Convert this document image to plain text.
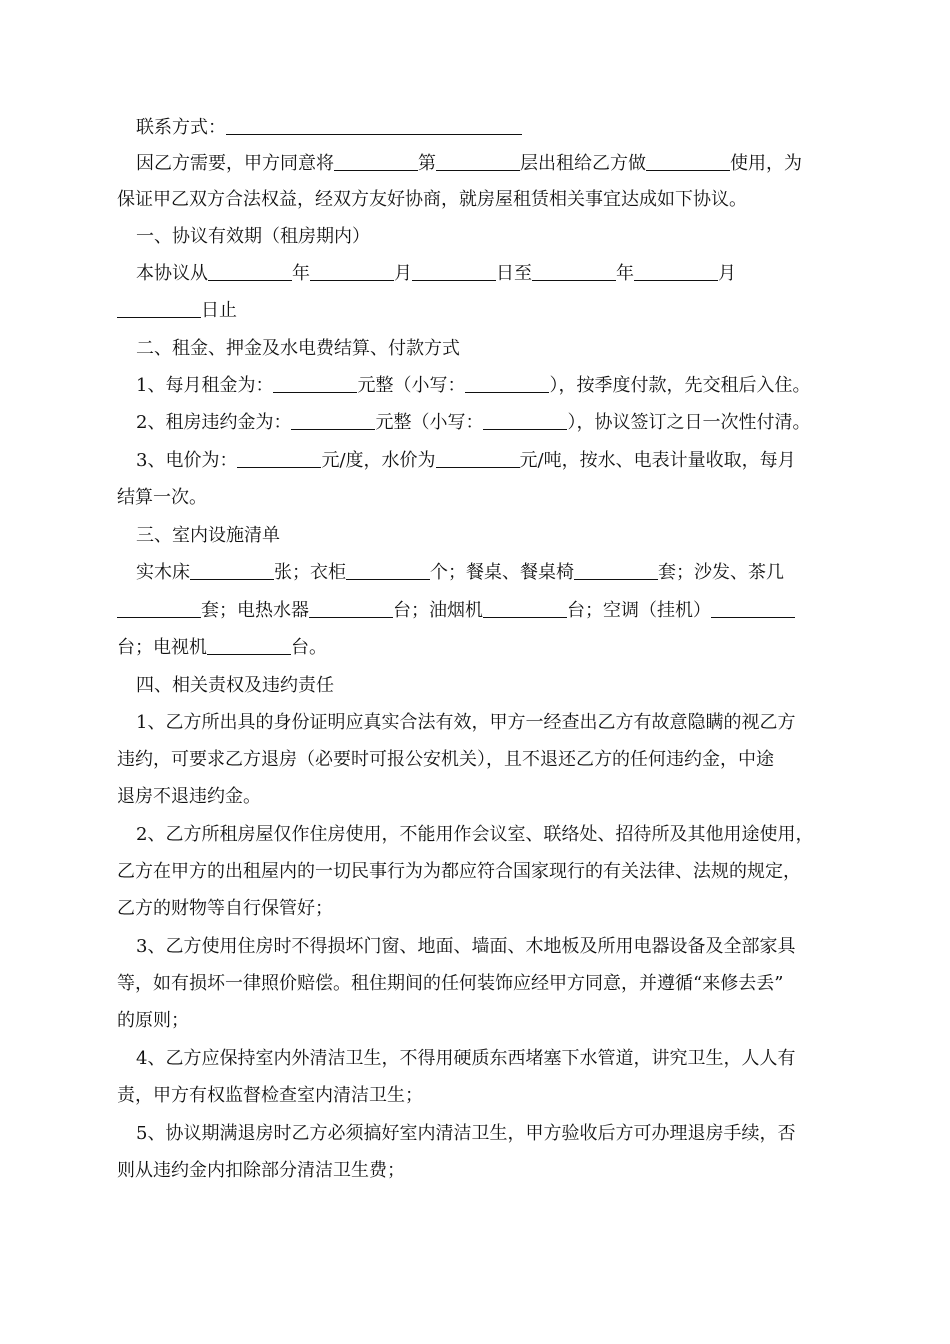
联系方式：
因乙方需要，甲方同意将	第	层出租给乙方做	使用，为
保证甲乙双方合法权益，经双方友好协商，就房屋租赁相关事宜达成如下协议。
一、协议有效期（租房期内）
本协议从	年	月	日至	年	月
日止
二、租金、押金及水电费结算、付款方式
1、每月租金为：	元整（小写：	），按季度付款，先交租后入住。
2、租房违约金为：	元整（小写：	），协议签订之日一次性付清。
3、电价为：	元/度，水价为	元/吨，按水、电表计量收取，每月
结算一次。
三、室内设施清单
实木床	张；衣柜	个；餐桌、餐桌椅	套；沙发、茶几
套；电热水器	台；油烟机	台；空调（挂机）
台；电视机	台。
四、相关责权及违约责任
1、乙方所出具的身份证明应真实合法有效，甲方一经查出乙方有故意隐瞒的视乙方
违约，可要求乙方退房（必要时可报公安机关），且不退还乙方的任何违约金，中途
退房不退违约金。
2、乙方所租房屋仅作住房使用，不能用作会议室、联络处、招待所及其他用途使用，
乙方在甲方的出租屋内的一切民事行为为都应符合国家现行的有关法律、法规的规定，
乙方的财物等自行保管好；
3、乙方使用住房时不得损坏门窗、地面、墙面、木地板及所用电器设备及全部家具
等，如有损坏一律照价赔偿。租住期间的任何装饰应经甲方同意，并遵循“来修去丢”
的原则；
4、乙方应保持室内外清洁卫生，不得用硬质东西堵塞下水管道，讲究卫生，人人有
责，甲方有权监督检查室内清洁卫生；
5、协议期满退房时乙方必须搞好室内清洁卫生，甲方验收后方可办理退房手续，否
则从违约金内扣除部分清洁卫生费；
